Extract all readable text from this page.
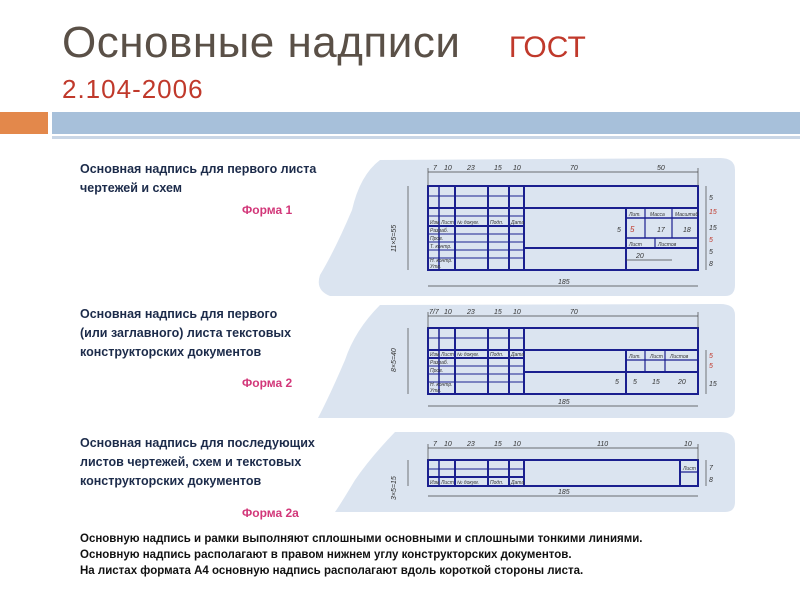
Основные надписи ГОСТ
2.104-2006
7 10 23	15 10	70	50
Изм Лист № докум. Подп. Дата
Разраб.
Пров.
Т. контр.
Н. контр.
Утв.
Лит. Масса Масштаб
Лист	Листов
5	17	18
20
5
5
15
15
5
5
8
11×5=55
185
7/7 10 23	15 10	70
Изм Лист № докум. Подп. Дата
Разраб.
Пров.
Н. контр.
Утв.
Лит. Лист Листов
5 5 15	20
5
5
15
8×5=40
185
7 10 23	15 10	110	10
Изм Лист № докум. Подп. Дата
Лист 7
8
3×5=15	185
Основная надпись для первого листа
чертежей и схем
Форма 1
Основная надпись для первого
(или заглавного) листа текстовых
конструкторских документов
Форма 2
Основная надпись для последующих
листов чертежей, схем и текстовых
конструкторских документов
Форма 2а
Основную надпись и рамки выполняют сплошными основными и сплошными тонкими линиями.
Основную надпись располагают в правом нижнем углу конструкторских документов.
На листах формата А4 основную надпись располагают вдоль короткой стороны листа.
